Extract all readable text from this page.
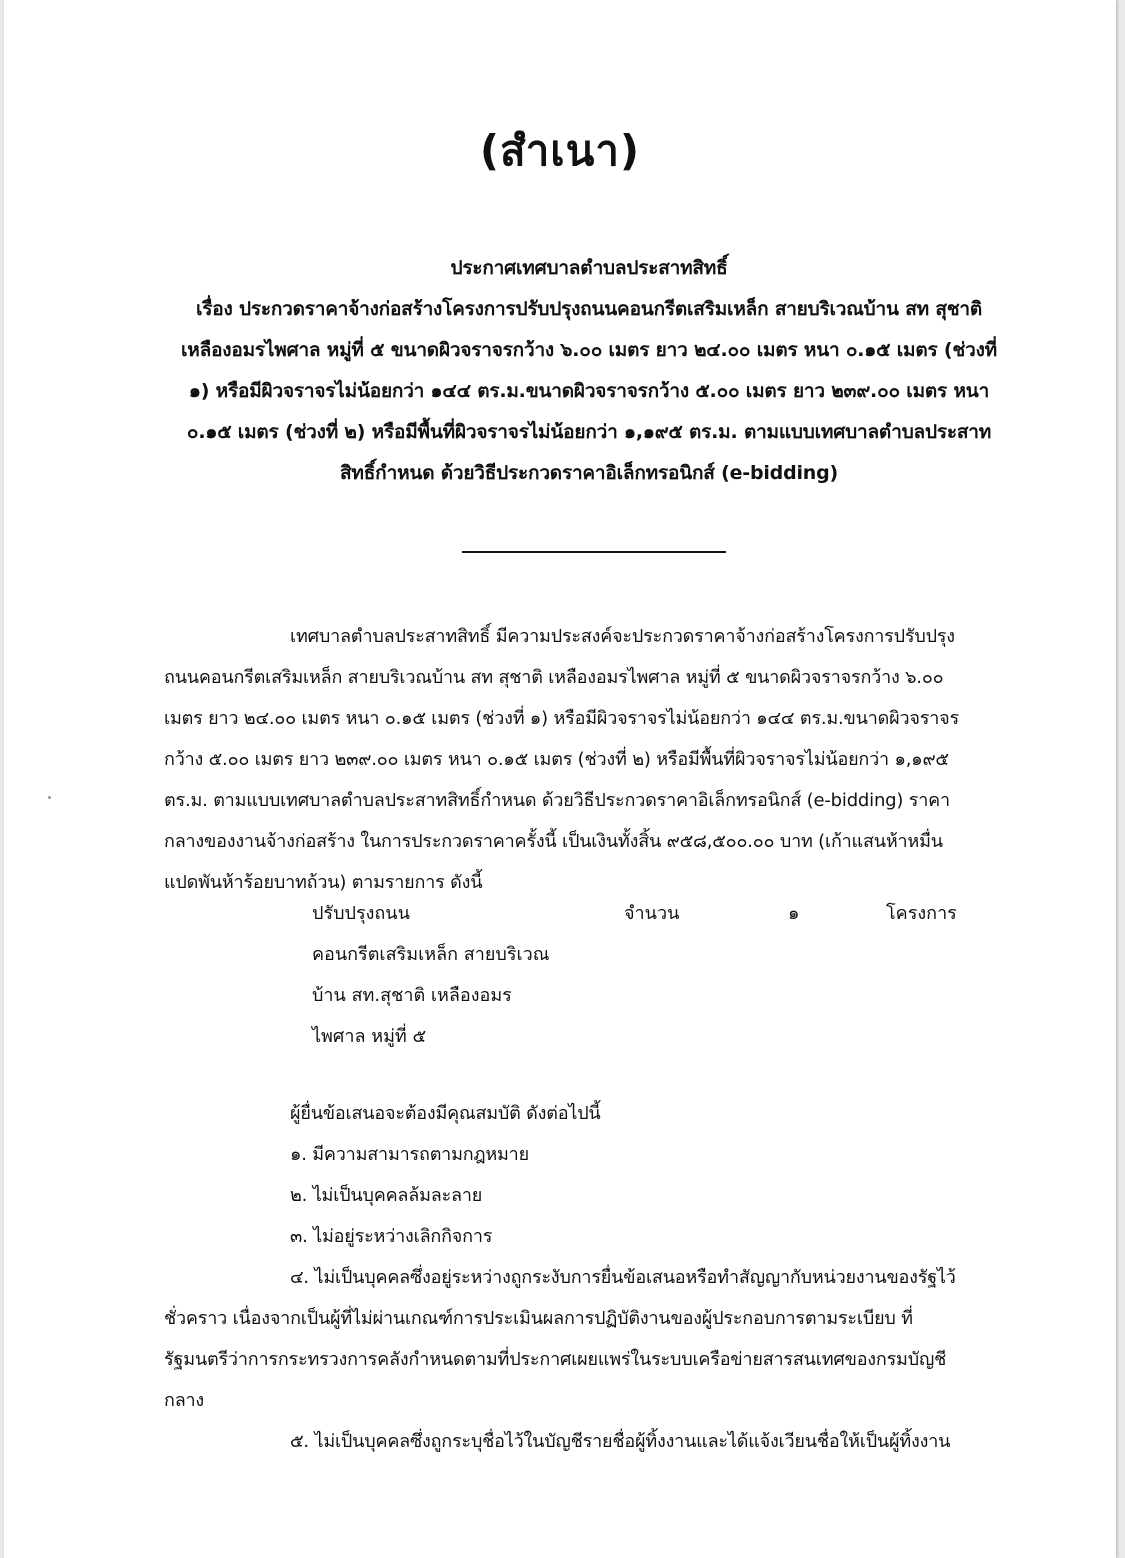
(สำเนา)
ประกาศเทศบาลตำบลประสาทสิทธิ์
เรื่อง ประกวดราคาจ้างก่อสร้างโครงการปรับปรุงถนนคอนกรีตเสริมเหล็ก สายบริเวณบ้าน สท สุชาติ
เหลืองอมรไพศาล หมู่ที่ ๕ ขนาดผิวจราจรกว้าง ๖.๐๐ เมตร ยาว ๒๔.๐๐ เมตร หนา ๐.๑๕ เมตร (ช่วงที่
๑) หรือมีผิวจราจรไม่น้อยกว่า ๑๔๔ ตร.ม.ขนาดผิวจราจรกว้าง ๕.๐๐ เมตร ยาว ๒๓๙.๐๐ เมตร หนา
๐.๑๕ เมตร (ช่วงที่ ๒) หรือมีพื้นที่ผิวจราจรไม่น้อยกว่า ๑,๑๙๕ ตร.ม. ตามแบบเทศบาลตำบลประสาท
สิทธิ์กำหนด ด้วยวิธีประกวดราคาอิเล็กทรอนิกส์ (e-bidding)
เทศบาลตำบลประสาทสิทธิ์ มีความประสงค์จะประกวดราคาจ้างก่อสร้างโครงการปรับปรุง
ถนนคอนกรีตเสริมเหล็ก สายบริเวณบ้าน สท สุชาติ เหลืองอมรไพศาล หมู่ที่ ๕ ขนาดผิวจราจรกว้าง ๖.๐๐
เมตร ยาว ๒๔.๐๐ เมตร หนา ๐.๑๕ เมตร (ช่วงที่ ๑) หรือมีผิวจราจรไม่น้อยกว่า ๑๔๔ ตร.ม.ขนาดผิวจราจร
กว้าง ๕.๐๐ เมตร ยาว ๒๓๙.๐๐ เมตร หนา ๐.๑๕ เมตร (ช่วงที่ ๒) หรือมีพื้นที่ผิวจราจรไม่น้อยกว่า ๑,๑๙๕
ตร.ม. ตามแบบเทศบาลตำบลประสาทสิทธิ์กำหนด ด้วยวิธีประกวดราคาอิเล็กทรอนิกส์ (e-bidding) ราคา
กลางของงานจ้างก่อสร้าง ในการประกวดราคาครั้งนี้ เป็นเงินทั้งสิ้น ๙๕๘,๕๐๐.๐๐ บาท (เก้าแสนห้าหมื่น
แปดพันห้าร้อยบาทถ้วน) ตามรายการ ดังนี้
ปรับปรุงถนน	จำนวน	๑	โครงการ
คอนกรีตเสริมเหล็ก สายบริเวณ
บ้าน สท.สุชาติ เหลืองอมร
ไพศาล หมู่ที่ ๕
ผู้ยื่นข้อเสนอจะต้องมีคุณสมบัติ ดังต่อไปนี้
๑. มีความสามารถตามกฎหมาย
๒. ไม่เป็นบุคคลล้มละลาย
๓. ไม่อยู่ระหว่างเลิกกิจการ
๔. ไม่เป็นบุคคลซึ่งอยู่ระหว่างถูกระงับการยื่นข้อเสนอหรือทำสัญญากับหน่วยงานของรัฐไว้
ชั่วคราว เนื่องจากเป็นผู้ที่ไม่ผ่านเกณฑ์การประเมินผลการปฏิบัติงานของผู้ประกอบการตามระเบียบ ที่
รัฐมนตรีว่าการกระทรวงการคลังกำหนดตามที่ประกาศเผยแพร่ในระบบเครือข่ายสารสนเทศของกรมบัญชี
กลาง
๕. ไม่เป็นบุคคลซึ่งถูกระบุชื่อไว้ในบัญชีรายชื่อผู้ทิ้งงานและได้แจ้งเวียนชื่อให้เป็นผู้ทิ้งงาน
